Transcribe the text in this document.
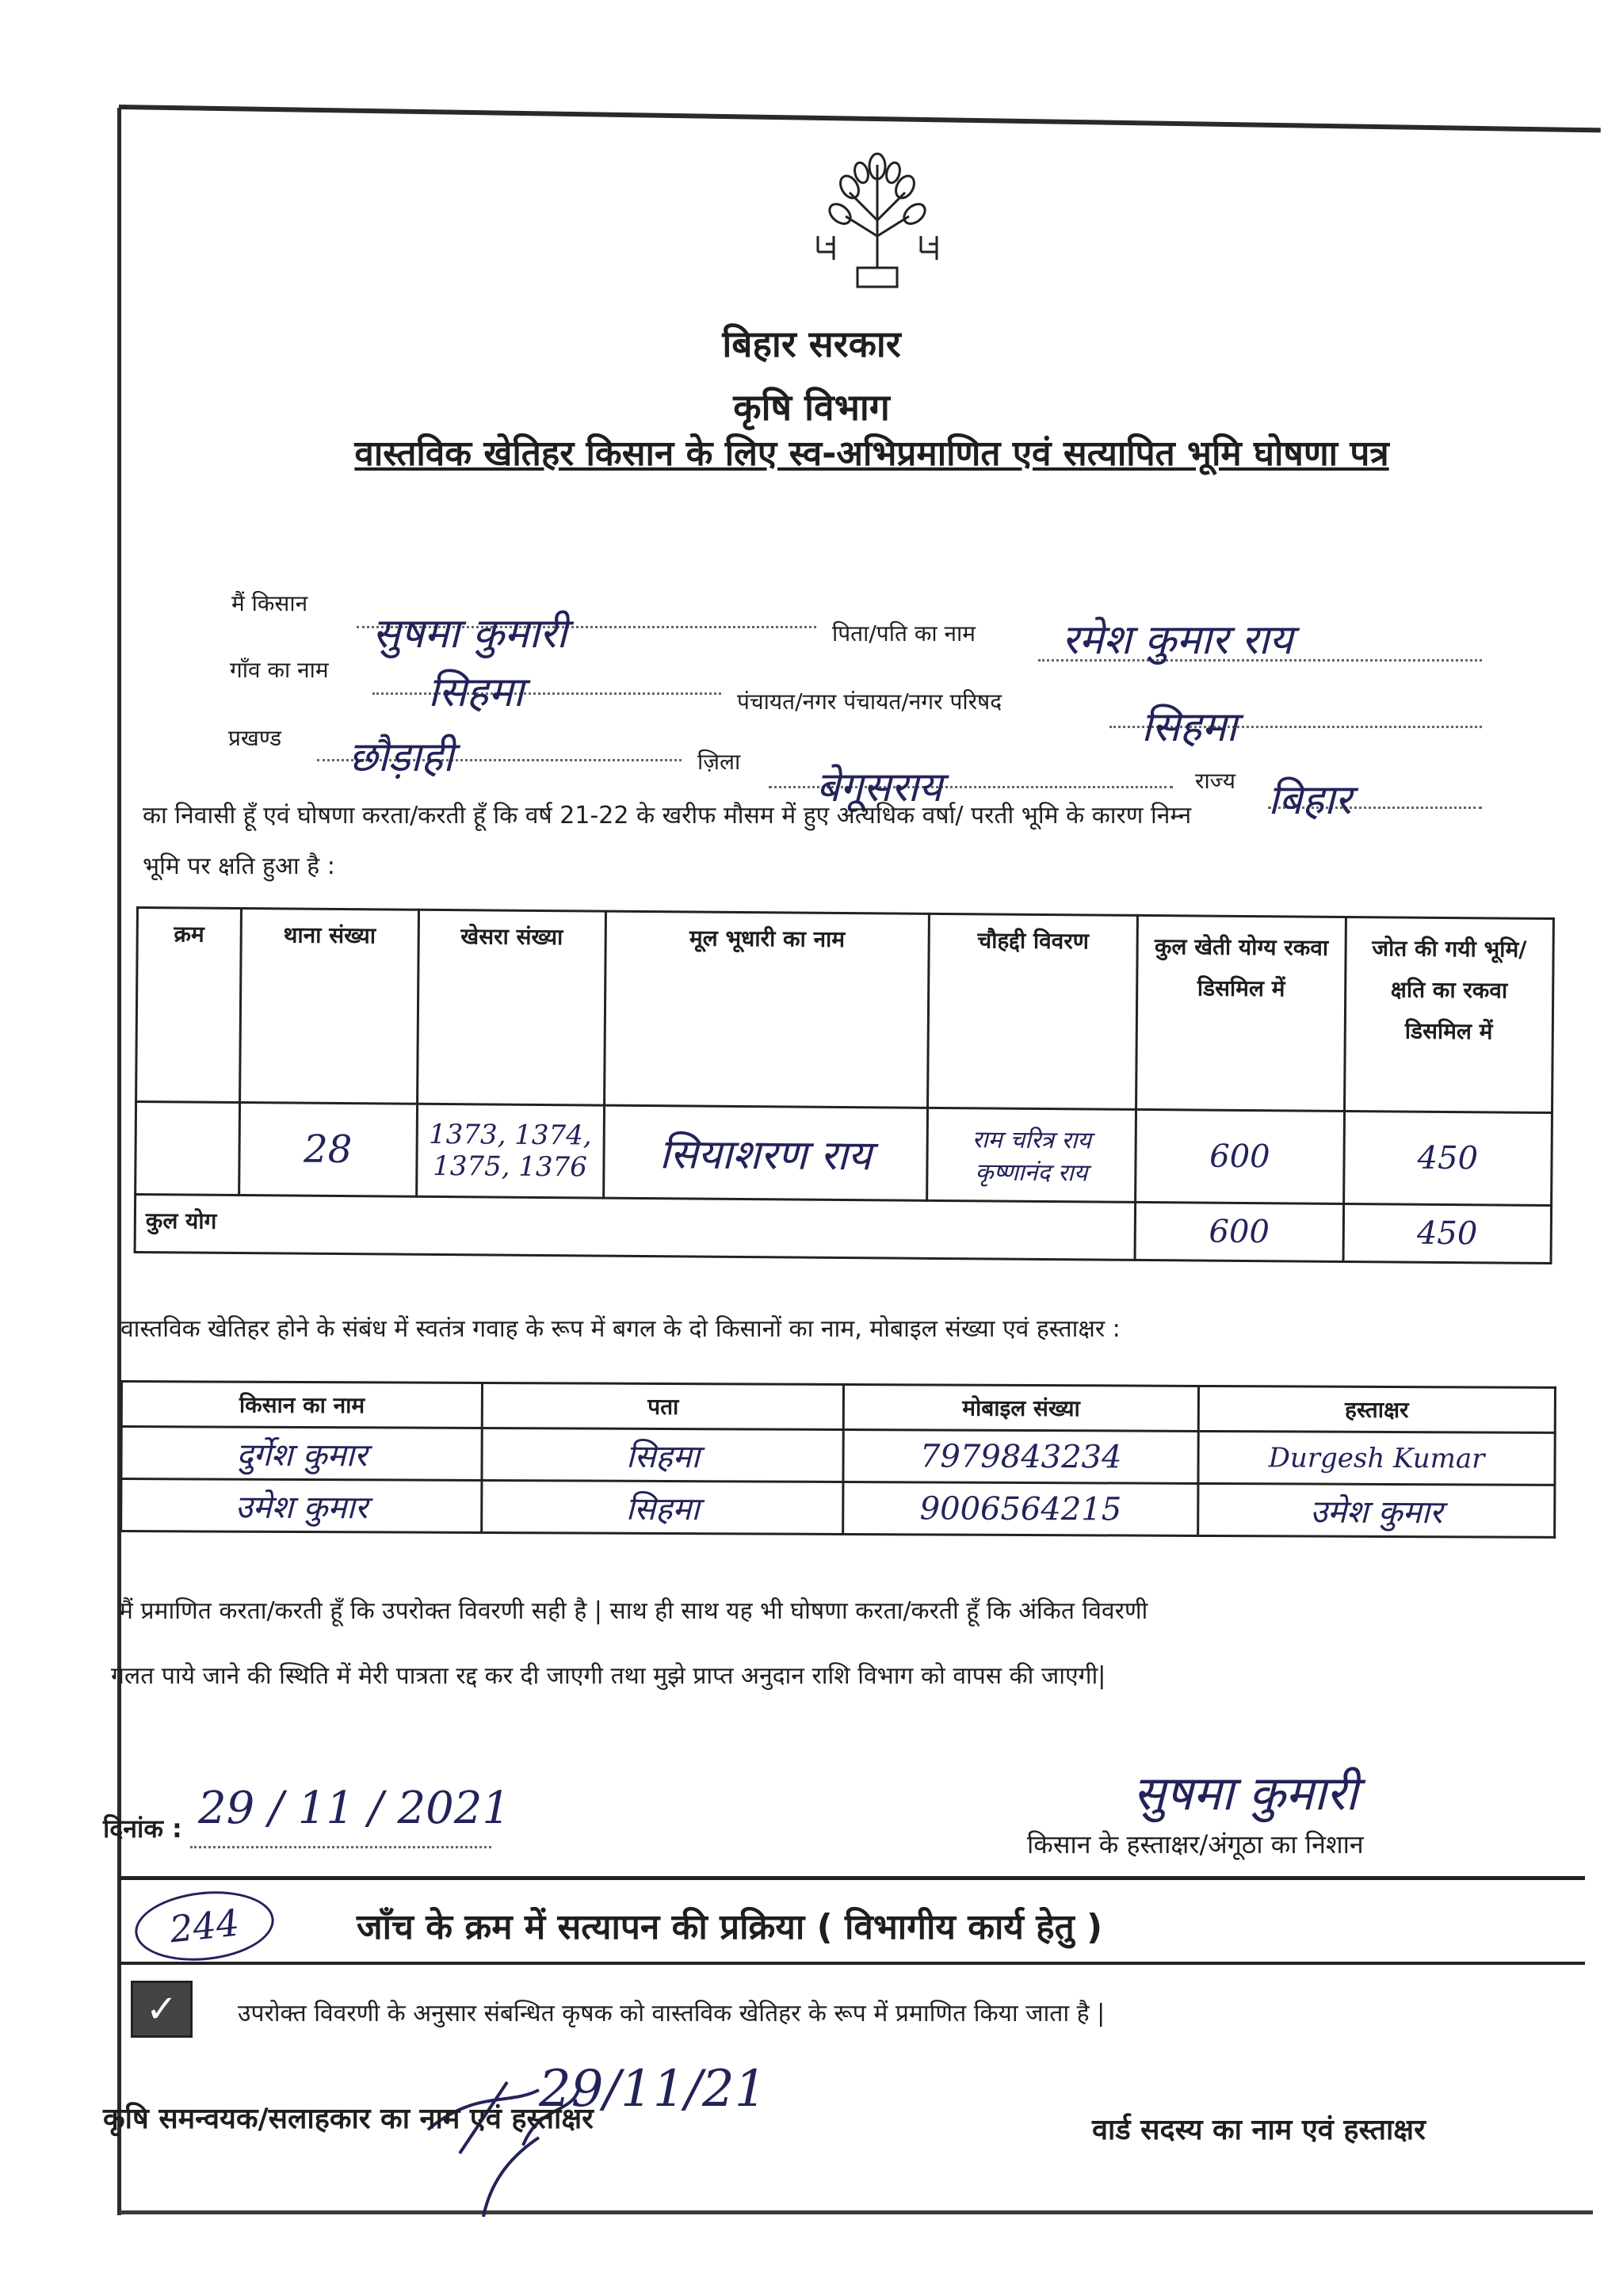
बिहार सरकार
कृषि विभाग
वास्तविक खेतिहर किसान के लिए स्व-अभिप्रमाणित एवं सत्यापित भूमि घोषणा पत्र
मैं किसान
सुषमा कुमारी	पिता/पति का नाम रमेश कुमार राय
गाँव का नाम सिहमा	पंचायत/नगर पंचायत/नगर परिषद
सिहमा
प्रखण्ड छौड़ाही	ज़िला
बेगूसराय	राज्य बिहार
का निवासी हूँ एवं घोषणा करता/करती हूँ कि वर्ष 21-22 के खरीफ मौसम में हुए अत्यधिक वर्षा/ परती भूमि के कारण निम्न
भूमि पर क्षति हुआ है :
क्रम	थाना संख्या	खेसरा संख्या	मूल भूधारी का नाम	चौहद्दी विवरण	कुल खेती योग्य रकवा डिसमिल में	जोत की गयी भूमि/क्षति का रकवा डिसमिल में
	28	1373, 1374, 1375, 1376	सियाशरण राय	राम चरित्र राय कृष्णानंद राय	600	450
कुल योग					600	450
वास्तविक खेतिहर होने के संबंध में स्वतंत्र गवाह के रूप में बगल के दो किसानों का नाम, मोबाइल संख्या एवं हस्ताक्षर :
किसान का नाम	पता	मोबाइल संख्या	हस्ताक्षर
दुर्गेश कुमार	सिहमा	7979843234	Durgesh Kumar
उमेश कुमार	सिहमा	9006564215	उमेश कुमार
मैं प्रमाणित करता/करती हूँ कि उपरोक्त विवरणी सही है | साथ ही साथ यह भी घोषणा करता/करती हूँ कि अंकित विवरणी
गलत पाये जाने की स्थिति में मेरी पात्रता रद्द कर दी जाएगी तथा मुझे प्राप्त अनुदान राशि विभाग को वापस की जाएगी|
दिनांक : 29 / 11 / 2021	सुषमा कुमारी
किसान के हस्ताक्षर/अंगूठा का निशान
244	जाँच के क्रम में सत्यापन की प्रक्रिया ( विभागीय कार्य हेतु )
✓	उपरोक्त विवरणी के अनुसार संबन्धित कृषक को वास्तविक खेतिहर के रूप में प्रमाणित किया जाता है |
29/11/21
कृषि समन्वयक/सलाहकार का नाम एवं हस्ताक्षर	वार्ड सदस्य का नाम एवं हस्ताक्षर
